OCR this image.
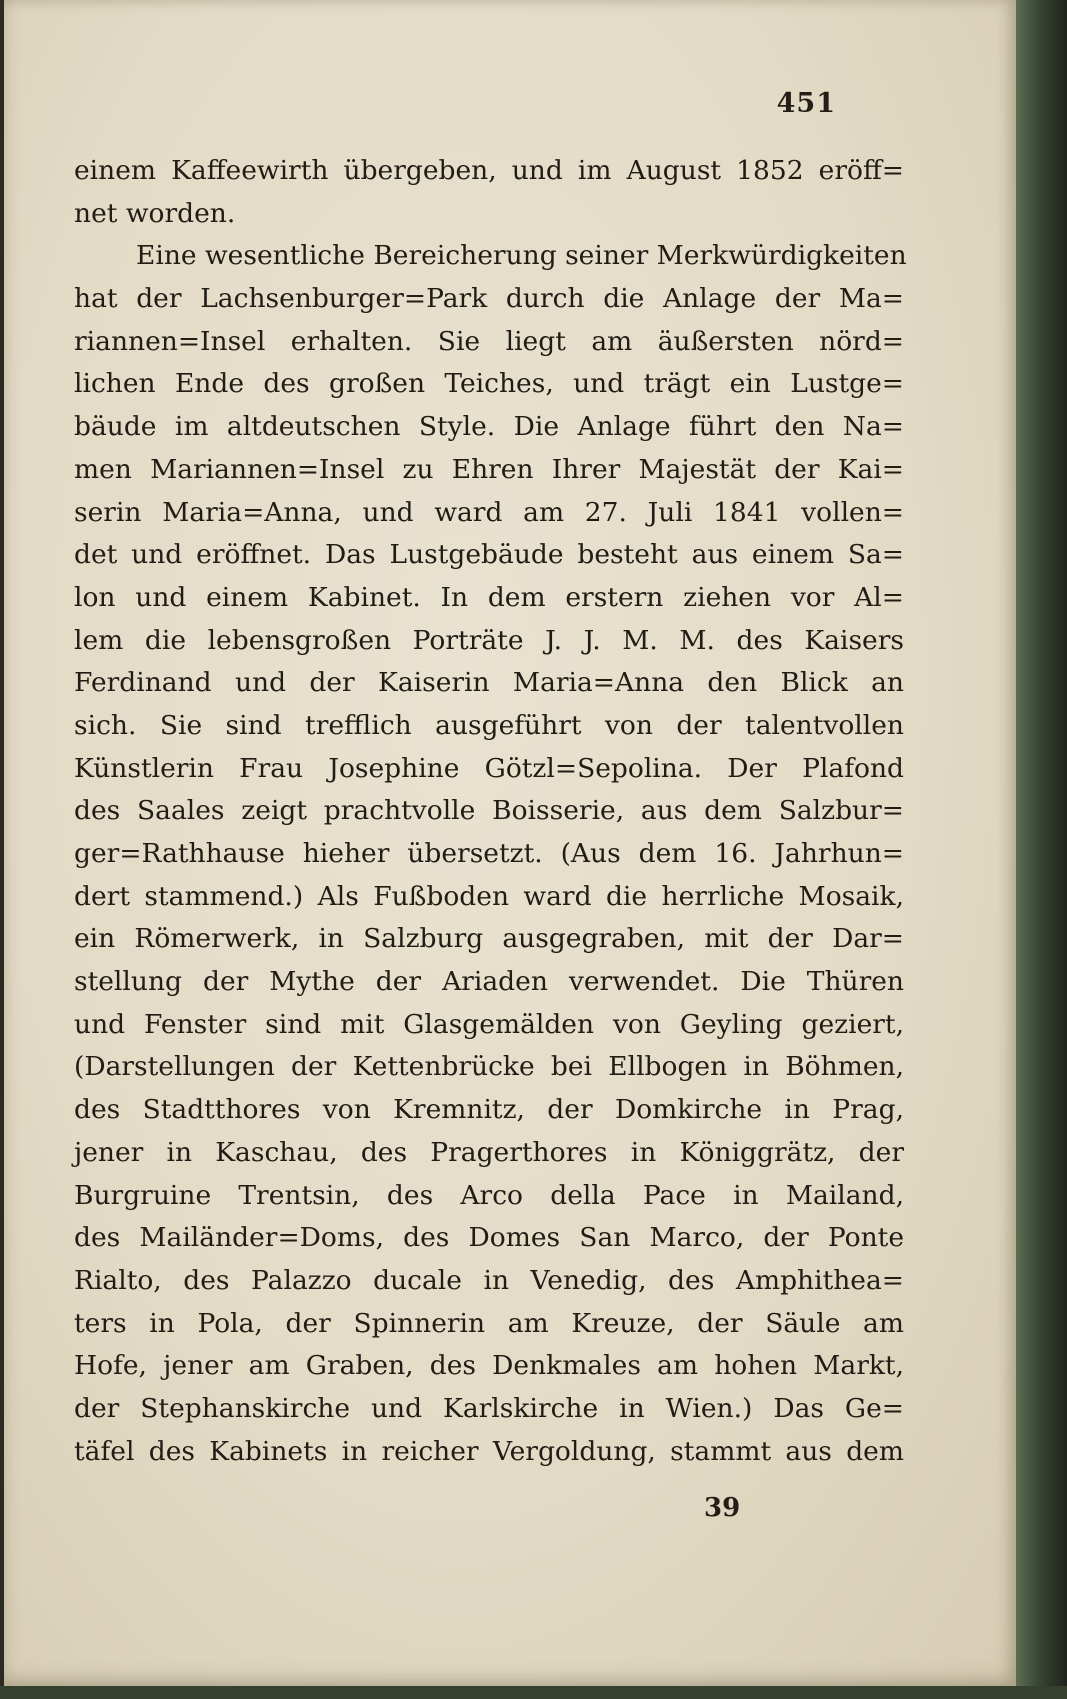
451
einem Kaffeewirth übergeben, und im August 1852 eröff=
net worden.
Eine wesentliche Bereicherung seiner Merkwürdigkeiten
hat der Lachsenburger=Park durch die Anlage der Ma=
riannen=Insel erhalten. Sie liegt am äußersten nörd=
lichen Ende des großen Teiches, und trägt ein Lustge=
bäude im altdeutschen Style. Die Anlage führt den Na=
men Mariannen=Insel zu Ehren Ihrer Majestät der Kai=
serin Maria=Anna, und ward am 27. Juli 1841 vollen=
det und eröffnet. Das Lustgebäude besteht aus einem Sa=
lon und einem Kabinet. In dem erstern ziehen vor Al=
lem die lebensgroßen Porträte J. J. M. M. des Kaisers
Ferdinand und der Kaiserin Maria=Anna den Blick an
sich. Sie sind trefflich ausgeführt von der talentvollen
Künstlerin Frau Josephine Götzl=Sepolina. Der Plafond
des Saales zeigt prachtvolle Boisserie, aus dem Salzbur=
ger=Rathhause hieher übersetzt. (Aus dem 16. Jahrhun=
dert stammend.) Als Fußboden ward die herrliche Mosaik,
ein Römerwerk, in Salzburg ausgegraben, mit der Dar=
stellung der Mythe der Ariaden verwendet. Die Thüren
und Fenster sind mit Glasgemälden von Geyling geziert,
(Darstellungen der Kettenbrücke bei Ellbogen in Böhmen,
des Stadtthores von Kremnitz, der Domkirche in Prag,
jener in Kaschau, des Pragerthores in Königgrätz, der
Burgruine Trentsin, des Arco della Pace in Mailand,
des Mailänder=Doms, des Domes San Marco, der Ponte
Rialto, des Palazzo ducale in Venedig, des Amphithea=
ters in Pola, der Spinnerin am Kreuze, der Säule am
Hofe, jener am Graben, des Denkmales am hohen Markt,
der Stephanskirche und Karlskirche in Wien.) Das Ge=
täfel des Kabinets in reicher Vergoldung, stammt aus dem
39
